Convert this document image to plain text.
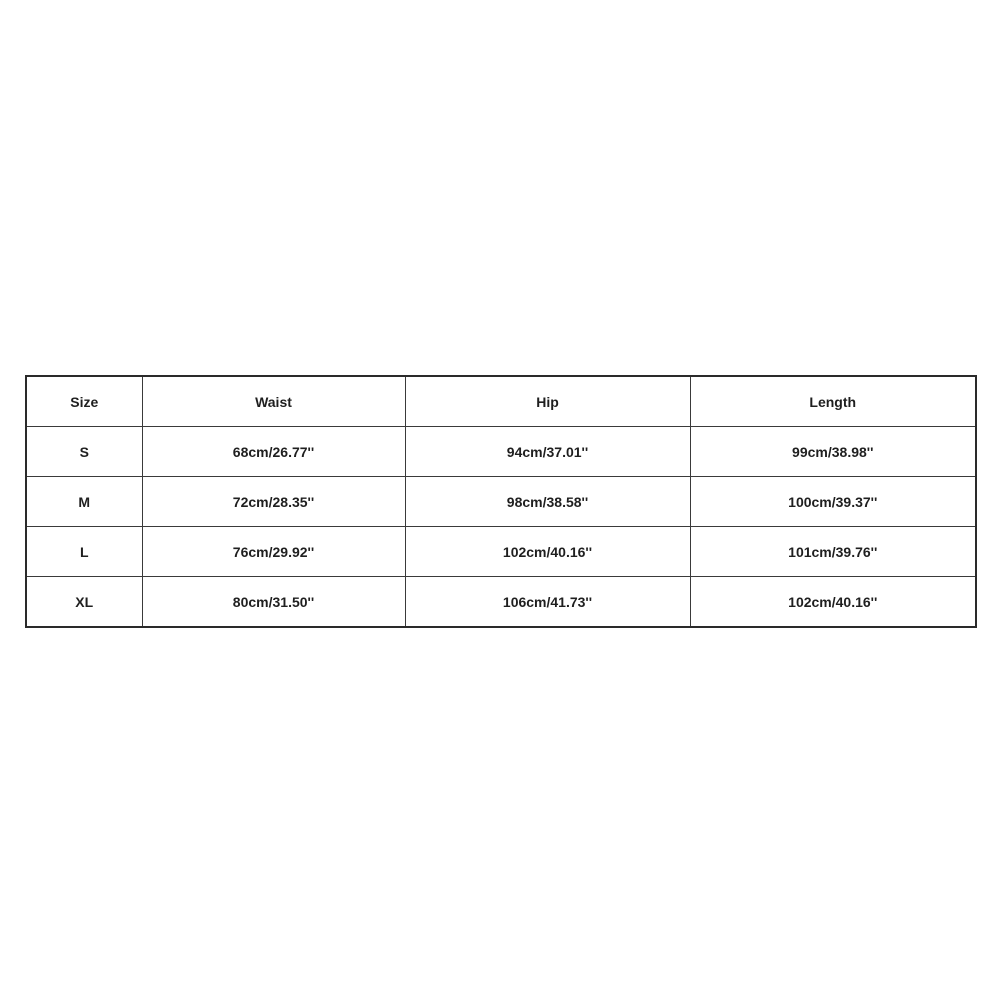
Size	Waist	Hip	Length
S	68cm/26.77''	94cm/37.01''	99cm/38.98''
M	72cm/28.35''	98cm/38.58''	100cm/39.37''
L	76cm/29.92''	102cm/40.16''	101cm/39.76''
XL	80cm/31.50''	106cm/41.73''	102cm/40.16''
